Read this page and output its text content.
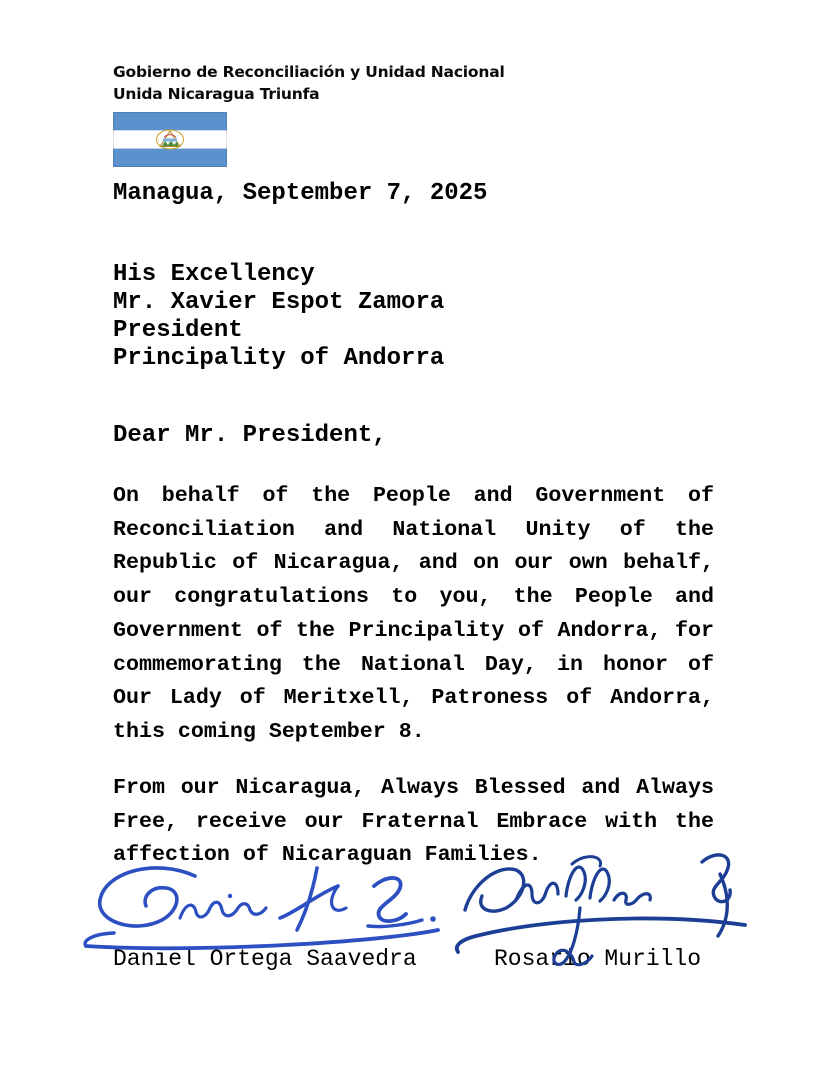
Gobierno de Reconciliación y Unidad Nacional
Unida Nicaragua Triunfa
Managua, September 7, 2025
His Excellency
Mr. Xavier Espot Zamora
President
Principality of Andorra
Dear Mr. President,
On behalf of the People and Government of Reconciliation and National Unity of the Republic of Nicaragua, and on our own behalf, our congratulations to you, the People and Government of the Principality of Andorra, for commemorating the National Day, in honor of Our Lady of Meritxell, Patroness of Andorra, this coming September 8.
From our Nicaragua, Always Blessed and Always Free, receive our Fraternal Embrace with the affection of Nicaraguan Families.
Daniel Ortega Saavedra	Rosario Murillo
